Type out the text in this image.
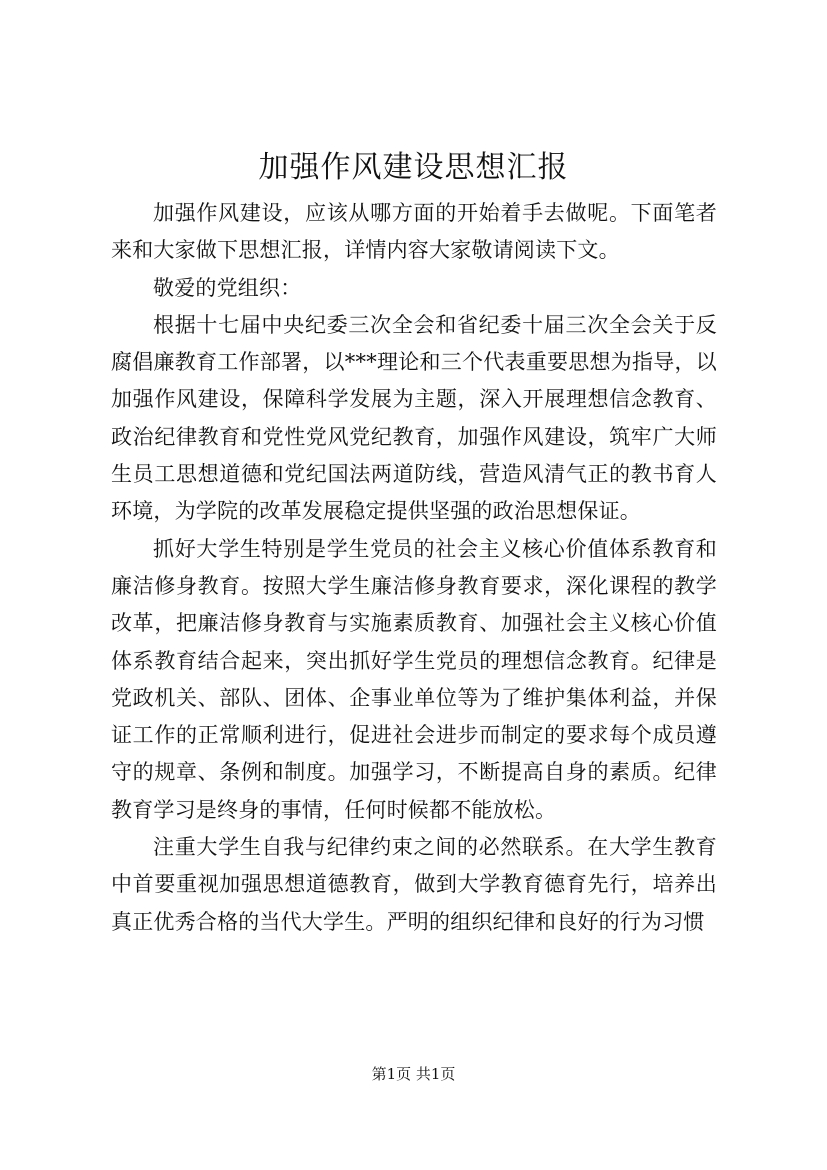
加强作风建设思想汇报

加强作风建设，应该从哪方面的开始着手去做呢。下面笔者来和大家做下思想汇报，详情内容大家敬请阅读下文。

敬爱的党组织：

根据十七届中央纪委三次全会和省纪委十届三次全会关于反腐倡廉教育工作部署，以***理论和三个代表重要思想为指导，以加强作风建设，保障科学发展为主题，深入开展理想信念教育、政治纪律教育和党性党风党纪教育，加强作风建设，筑牢广大师生员工思想道德和党纪国法两道防线，营造风清气正的教书育人环境，为学院的改革发展稳定提供坚强的政治思想保证。

抓好大学生特别是学生党员的社会主义核心价值体系教育和廉洁修身教育。按照大学生廉洁修身教育要求，深化课程的教学改革，把廉洁修身教育与实施素质教育、加强社会主义核心价值体系教育结合起来，突出抓好学生党员的理想信念教育。纪律是党政机关、部队、团体、企事业单位等为了维护集体利益，并保证工作的正常顺利进行，促进社会进步而制定的要求每个成员遵守的规章、条例和制度。加强学习，不断提高自身的素质。纪律教育学习是终身的事情，任何时候都不能放松。

注重大学生自我与纪律约束之间的必然联系。在大学生教育中首要重视加强思想道德教育，做到大学教育德育先行，培养出真正优秀合格的当代大学生。严明的组织纪律和良好的行为习惯

第1页 共1页
